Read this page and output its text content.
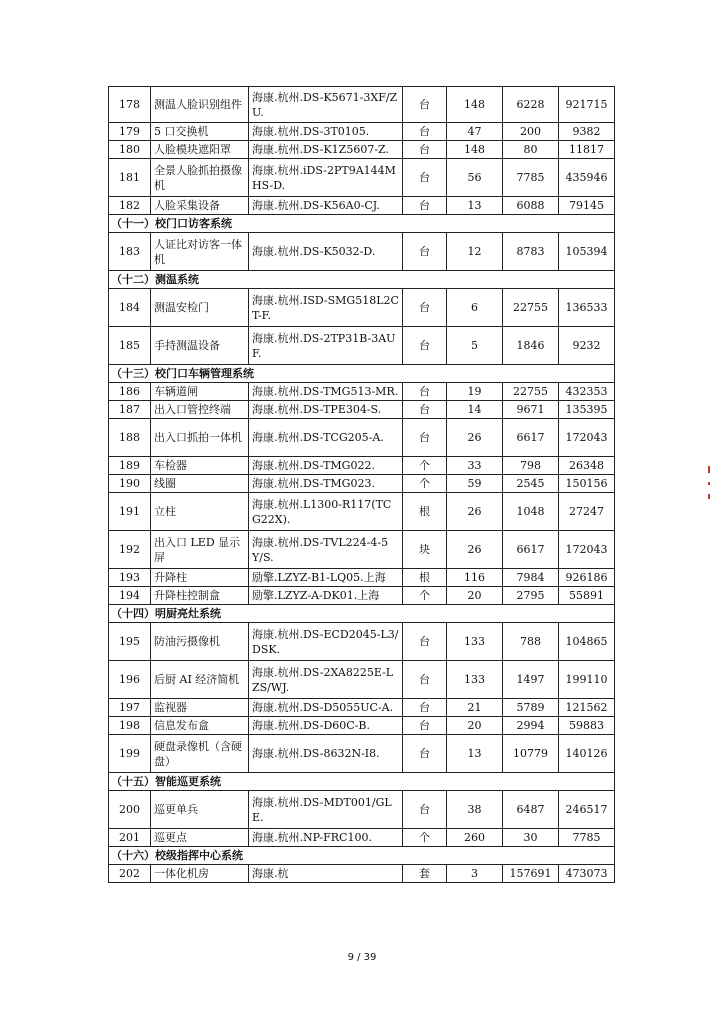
178	测温人脸识别组件	海康.杭州.DS-K5671-3XF/ZU.	台	148	6228	921715
179	5 口交换机	海康.杭州.DS-3T0105.	台	47	200	9382
180	人脸模块遮阳罩	海康.杭州.DS-K1Z5607-Z.	台	148	80	11817
181	全景人脸抓拍摄像机	海康.杭州.iDS-2PT9A144MHS-D.	台	56	7785	435946
182	人脸采集设备	海康.杭州.DS-K56A0-CJ.	台	13	6088	79145
（十一）校门口访客系统						
183	人证比对访客一体机	海康.杭州.DS-K5032-D.	台	12	8783	105394
（十二）测温系统						
184	测温安检门	海康.杭州.ISD-SMG518L2CT-F.	台	6	22755	136533
185	手持测温设备	海康.杭州.DS-2TP31B-3AUF.	台	5	1846	9232
（十三）校门口车辆管理系统						
186	车辆道闸	海康.杭州.DS-TMG513-MR.	台	19	22755	432353
187	出入口管控终端	海康.杭州.DS-TPE304-S.	台	14	9671	135395
188	出入口抓拍一体机	海康.杭州.DS-TCG205-A.	台	26	6617	172043
189	车检器	海康.杭州.DS-TMG022.	个	33	798	26348
190	线圈	海康.杭州.DS-TMG023.	个	59	2545	150156
191	立柱	海康.杭州.L1300-R117(TCG22X).	根	26	1048	27247
192	出入口 LED 显示屏	海康.杭州.DS-TVL224-4-5Y/S.	块	26	6617	172043
193	升降柱	励擎.LZYZ-B1-LQ05.上海	根	116	7984	926186
194	升降柱控制盒	励擎.LZYZ-A-DK01.上海	个	20	2795	55891
（十四）明厨亮灶系统						
195	防油污摄像机	海康.杭州.DS-ECD2045-L3/DSK.	台	133	788	104865
196	后厨 AI 经济简机	海康.杭州.DS-2XA8225E-LZS/WJ.	台	133	1497	199110
197	监视器	海康.杭州.DS-D5055UC-A.	台	21	5789	121562
198	信息发布盒	海康.杭州.DS-D60C-B.	台	20	2994	59883
199	硬盘录像机（含硬盘）	海康.杭州.DS-8632N-I8.	台	13	10779	140126
（十五）智能巡更系统						
200	巡更单兵	海康.杭州.DS-MDT001/GLE.	台	38	6487	246517
201	巡更点	海康.杭州.NP-FRC100.	个	260	30	7785
（十六）校级指挥中心系统						
202	一体化机房	海康.杭	套	3	157691	473073
9 / 39
